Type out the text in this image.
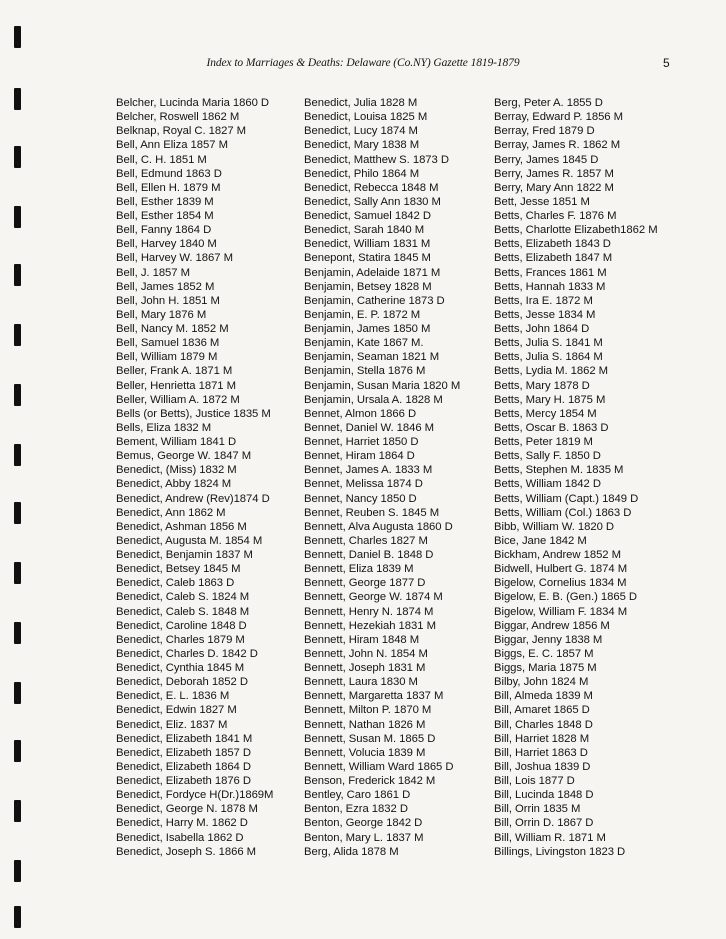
Index to Marriages & Deaths: Delaware (Co.NY) Gazette 1819-1879	5
Belcher, Lucinda Maria 1860 D
Belcher, Roswell 1862 M
Belknap, Royal C. 1827 M
Bell, Ann Eliza 1857 M
Bell, C. H. 1851 M
Bell, Edmund 1863 D
Bell, Ellen H. 1879 M
Bell, Esther 1839 M
Bell, Esther 1854 M
Bell, Fanny 1864 D
Bell, Harvey 1840 M
Bell, Harvey W. 1867 M
Bell, J. 1857 M
Bell, James 1852 M
Bell, John H. 1851 M
Bell, Mary 1876 M
Bell, Nancy M. 1852 M
Bell, Samuel 1836 M
Bell, William 1879 M
Beller, Frank A. 1871 M
Beller, Henrietta 1871 M
Beller, William A. 1872 M
Bells (or Betts), Justice 1835 M
Bells, Eliza 1832 M
Bement, William 1841 D
Bemus, George W. 1847 M
Benedict, (Miss) 1832 M
Benedict, Abby 1824 M
Benedict, Andrew (Rev)1874 D
Benedict, Ann 1862 M
Benedict, Ashman 1856 M
Benedict, Augusta M. 1854 M
Benedict, Benjamin 1837 M
Benedict, Betsey 1845 M
Benedict, Caleb 1863 D
Benedict, Caleb S. 1824 M
Benedict, Caleb S. 1848 M
Benedict, Caroline 1848 D
Benedict, Charles 1879 M
Benedict, Charles D. 1842 D
Benedict, Cynthia 1845 M
Benedict, Deborah 1852 D
Benedict, E. L. 1836 M
Benedict, Edwin 1827 M
Benedict, Eliz. 1837 M
Benedict, Elizabeth 1841 M
Benedict, Elizabeth 1857 D
Benedict, Elizabeth 1864 D
Benedict, Elizabeth 1876 D
Benedict, Fordyce H(Dr.)1869M
Benedict, George N. 1878 M
Benedict, Harry M. 1862 D
Benedict, Isabella 1862 D
Benedict, Joseph S. 1866 M
Benedict, Julia 1828 M
Benedict, Louisa 1825 M
Benedict, Lucy 1874 M
Benedict, Mary 1838 M
Benedict, Matthew S. 1873 D
Benedict, Philo 1864 M
Benedict, Rebecca 1848 M
Benedict, Sally Ann 1830 M
Benedict, Samuel 1842 D
Benedict, Sarah 1840 M
Benedict, William 1831 M
Benepont, Statira 1845 M
Benjamin, Adelaide 1871 M
Benjamin, Betsey 1828 M
Benjamin, Catherine 1873 D
Benjamin, E. P. 1872 M
Benjamin, James 1850 M
Benjamin, Kate 1867 M.
Benjamin, Seaman 1821 M
Benjamin, Stella 1876 M
Benjamin, Susan Maria 1820 M
Benjamin, Ursala A. 1828 M
Bennet, Almon 1866 D
Bennet, Daniel W. 1846 M
Bennet, Harriet 1850 D
Bennet, Hiram 1864 D
Bennet, James A. 1833 M
Bennet, Melissa 1874 D
Bennet, Nancy 1850 D
Bennet, Reuben S. 1845 M
Bennett, Alva Augusta 1860 D
Bennett, Charles 1827 M
Bennett, Daniel B. 1848 D
Bennett, Eliza 1839 M
Bennett, George 1877 D
Bennett, George W. 1874 M
Bennett, Henry N. 1874 M
Bennett, Hezekiah 1831 M
Bennett, Hiram 1848 M
Bennett, John N. 1854 M
Bennett, Joseph 1831 M
Bennett, Laura 1830 M
Bennett, Margaretta 1837 M
Bennett, Milton P. 1870 M
Bennett, Nathan 1826 M
Bennett, Susan M. 1865 D
Bennett, Volucia 1839 M
Bennett, William Ward 1865 D
Benson, Frederick 1842 M
Bentley, Caro 1861 D
Benton, Ezra 1832 D
Benton, George 1842 D
Benton, Mary L. 1837 M
Berg, Alida 1878 M
Berg, Peter A. 1855 D
Berray, Edward P. 1856 M
Berray, Fred 1879 D
Berray, James R. 1862 M
Berry, James 1845 D
Berry, James R. 1857 M
Berry, Mary Ann 1822 M
Bett, Jesse 1851 M
Betts, Charles F. 1876 M
Betts, Charlotte Elizabeth1862 M
Betts, Elizabeth 1843 D
Betts, Elizabeth 1847 M
Betts, Frances 1861 M
Betts, Hannah 1833 M
Betts, Ira E. 1872 M
Betts, Jesse 1834 M
Betts, John 1864 D
Betts, Julia S. 1841 M
Betts, Julia S. 1864 M
Betts, Lydia M. 1862 M
Betts, Mary 1878 D
Betts, Mary H. 1875 M
Betts, Mercy 1854 M
Betts, Oscar B. 1863 D
Betts, Peter 1819 M
Betts, Sally F. 1850 D
Betts, Stephen M. 1835 M
Betts, William 1842 D
Betts, William (Capt.) 1849 D
Betts, William (Col.) 1863 D
Bibb, William W. 1820 D
Bice, Jane 1842 M
Bickham, Andrew 1852 M
Bidwell, Hulbert G. 1874 M
Bigelow, Cornelius 1834 M
Bigelow, E. B. (Gen.) 1865 D
Bigelow, William F. 1834 M
Biggar, Andrew 1856 M
Biggar, Jenny 1838 M
Biggs, E. C. 1857 M
Biggs, Maria 1875 M
Bilby, John 1824 M
Bill, Almeda 1839 M
Bill, Amaret 1865 D
Bill, Charles 1848 D
Bill, Harriet 1828 M
Bill, Harriet 1863 D
Bill, Joshua 1839 D
Bill, Lois 1877 D
Bill, Lucinda 1848 D
Bill, Orrin 1835 M
Bill, Orrin D. 1867 D
Bill, William R. 1871 M
Billings, Livingston 1823 D
